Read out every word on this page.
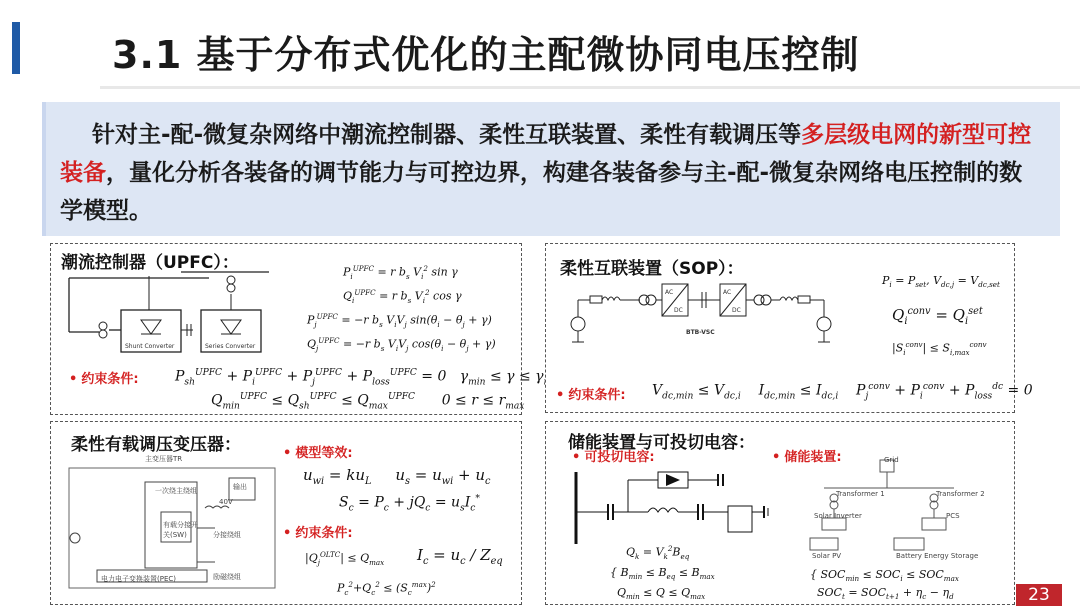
3.1 基于分布式优化的主配微协同电压控制
针对主-配-微复杂网络中潮流控制器、柔性互联装置、柔性有载调压等多层级电网的新型可控装备，量化分析各装备的调节能力与可控边界，构建各装备参与主-配-微复杂网络电压控制的数学模型。
潮流控制器（UPFC）：
Shunt Converter	Series Converter
$P_i^{UPFC} = r$ $b_s$ $V_i^2$ sin γ
$Q_i^{UPFC} = r$ $b_s$ $V_i^2$ cos γ
$P_j^{UPFC} = -r$ $b_s$ $V_iV_j$ $\sin(\theta_i - \theta_j + \gamma)$
$Q_j^{UPFC} = -r$ $b_s$ $V_iV_j$ $\cos(\theta_i - \theta_j + \gamma)$
• 约束条件:	$P_{sh}^{UPFC} + P_i^{UPFC} + P_j^{UPFC} + P_{loss}^{UPFC} = 0$   $\gamma_{min} \le \gamma \le \gamma$
$Q_{min}^{UPFC} \le Q_{sh}^{UPFC} \le Q_{max}^{UPFC}$      $0 \le r \le r_{max}$
柔性互联装置（SOP）：
AC
DC
AC
DC
BTB-VSC
$P_i = P_{set}$, $V_{dc,j} = V_{dc,set}$
$Q_i^{conv} = Q_i^{set}$
$|S_i^{conv}| \le S_{i,max}^{conv}$
• 约束条件: $V_{dc,min} \le V_{dc,i}$    $I_{dc,min} \le I_{dc,i}$    $P_j^{conv} + P_i^{conv} + P_{loss}^{dc} = 0$
柔性有载调压变压器：
主变压器TR
一次绕主绕组
有载分接开关(SW)	分接绕组
励磁绕组
电力电子变换装置(PEC)
输出
40V
• 模型等效:
$u_{wi} = ku_L$     $u_s = u_{wi} + u_c$
$S_c = P_c + jQ_c = u_sI_c^*$
• 约束条件:
$|Q_j^{OLTC}| \le Q_{max}$ $I_c = u_c / Z_{eq}$
$P_c^2+Q_c^2 \le (S_c^{max})^2$
储能装置与可投切电容：
• 可投切电容:	• 储能装置:
$Q_k = V_k^2B_{eq}$
{ $B_{min} \le B_{eq} \le B_{max}$
$Q_{min} \le Q \le Q_{max}$
Grid
Transformer 1	Transformer 2
Solar Inverter	PCS
Solar PV	Battery Energy Storage
{ $SOC_{min} \le SOC_i \le SOC_{max}$
$SOC_t = SOC_{t+1} + \eta_c - \eta_d$	23
